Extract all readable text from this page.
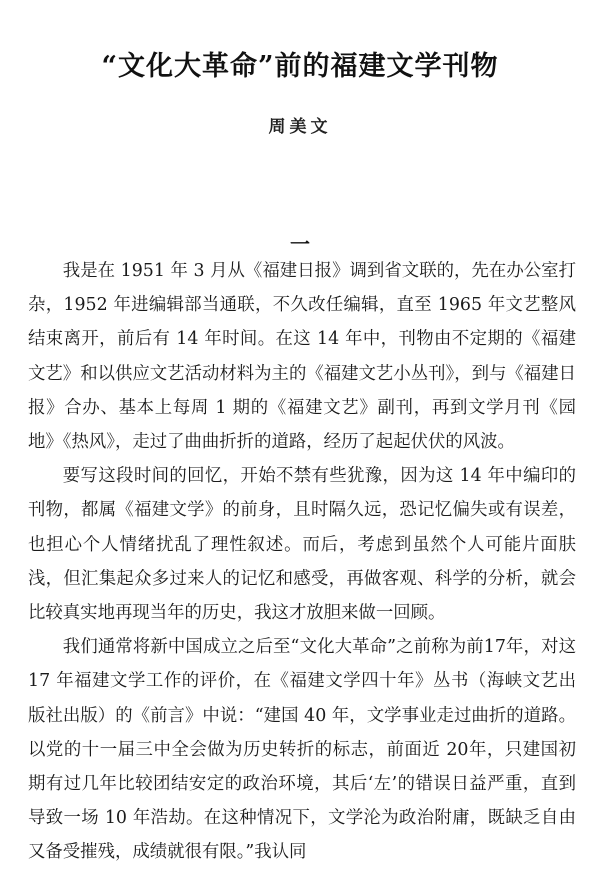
“文化大革命”前的福建文学刊物
周美文
一

我是在 1951 年 3 月从《福建日报》调到省文联的，先在办公室打杂，1952 年进编辑部当通联，不久改任编辑，直至 1965 年文艺整风结束离开，前后有 14 年时间。在这 14 年中，刊物由不定期的《福建文艺》和以供应文艺活动材料为主的《福建文艺小丛刊》，到与《福建日报》合办、基本上每周 1 期的《福建文艺》副刊，再到文学月刊《园地》《热风》，走过了曲曲折折的道路，经历了起起伏伏的风波。

要写这段时间的回忆，开始不禁有些犹豫，因为这 14 年中编印的刊物，都属《福建文学》的前身，且时隔久远，恐记忆偏失或有误差，也担心个人情绪扰乱了理性叙述。而后，考虑到虽然个人可能片面肤浅，但汇集起众多过来人的记忆和感受，再做客观、科学的分析，就会比较真实地再现当年的历史，我这才放胆来做一回顾。

我们通常将新中国成立之后至“文化大革命”之前称为前17年，对这 17 年福建文学工作的评价，在《福建文学四十年》丛书（海峡文艺出版社出版）的《前言》中说：“建国 40 年，文学事业走过曲折的道路。以党的十一届三中全会做为历史转折的标志，前面近 20年，只建国初期有过几年比较团结安定的政治环境，其后‘左’的错误日益严重，直到导致一场 10 年浩劫。在这种情况下，文学沦为政治附庸，既缺乏自由又备受摧残，成绩就很有限。”我认同
